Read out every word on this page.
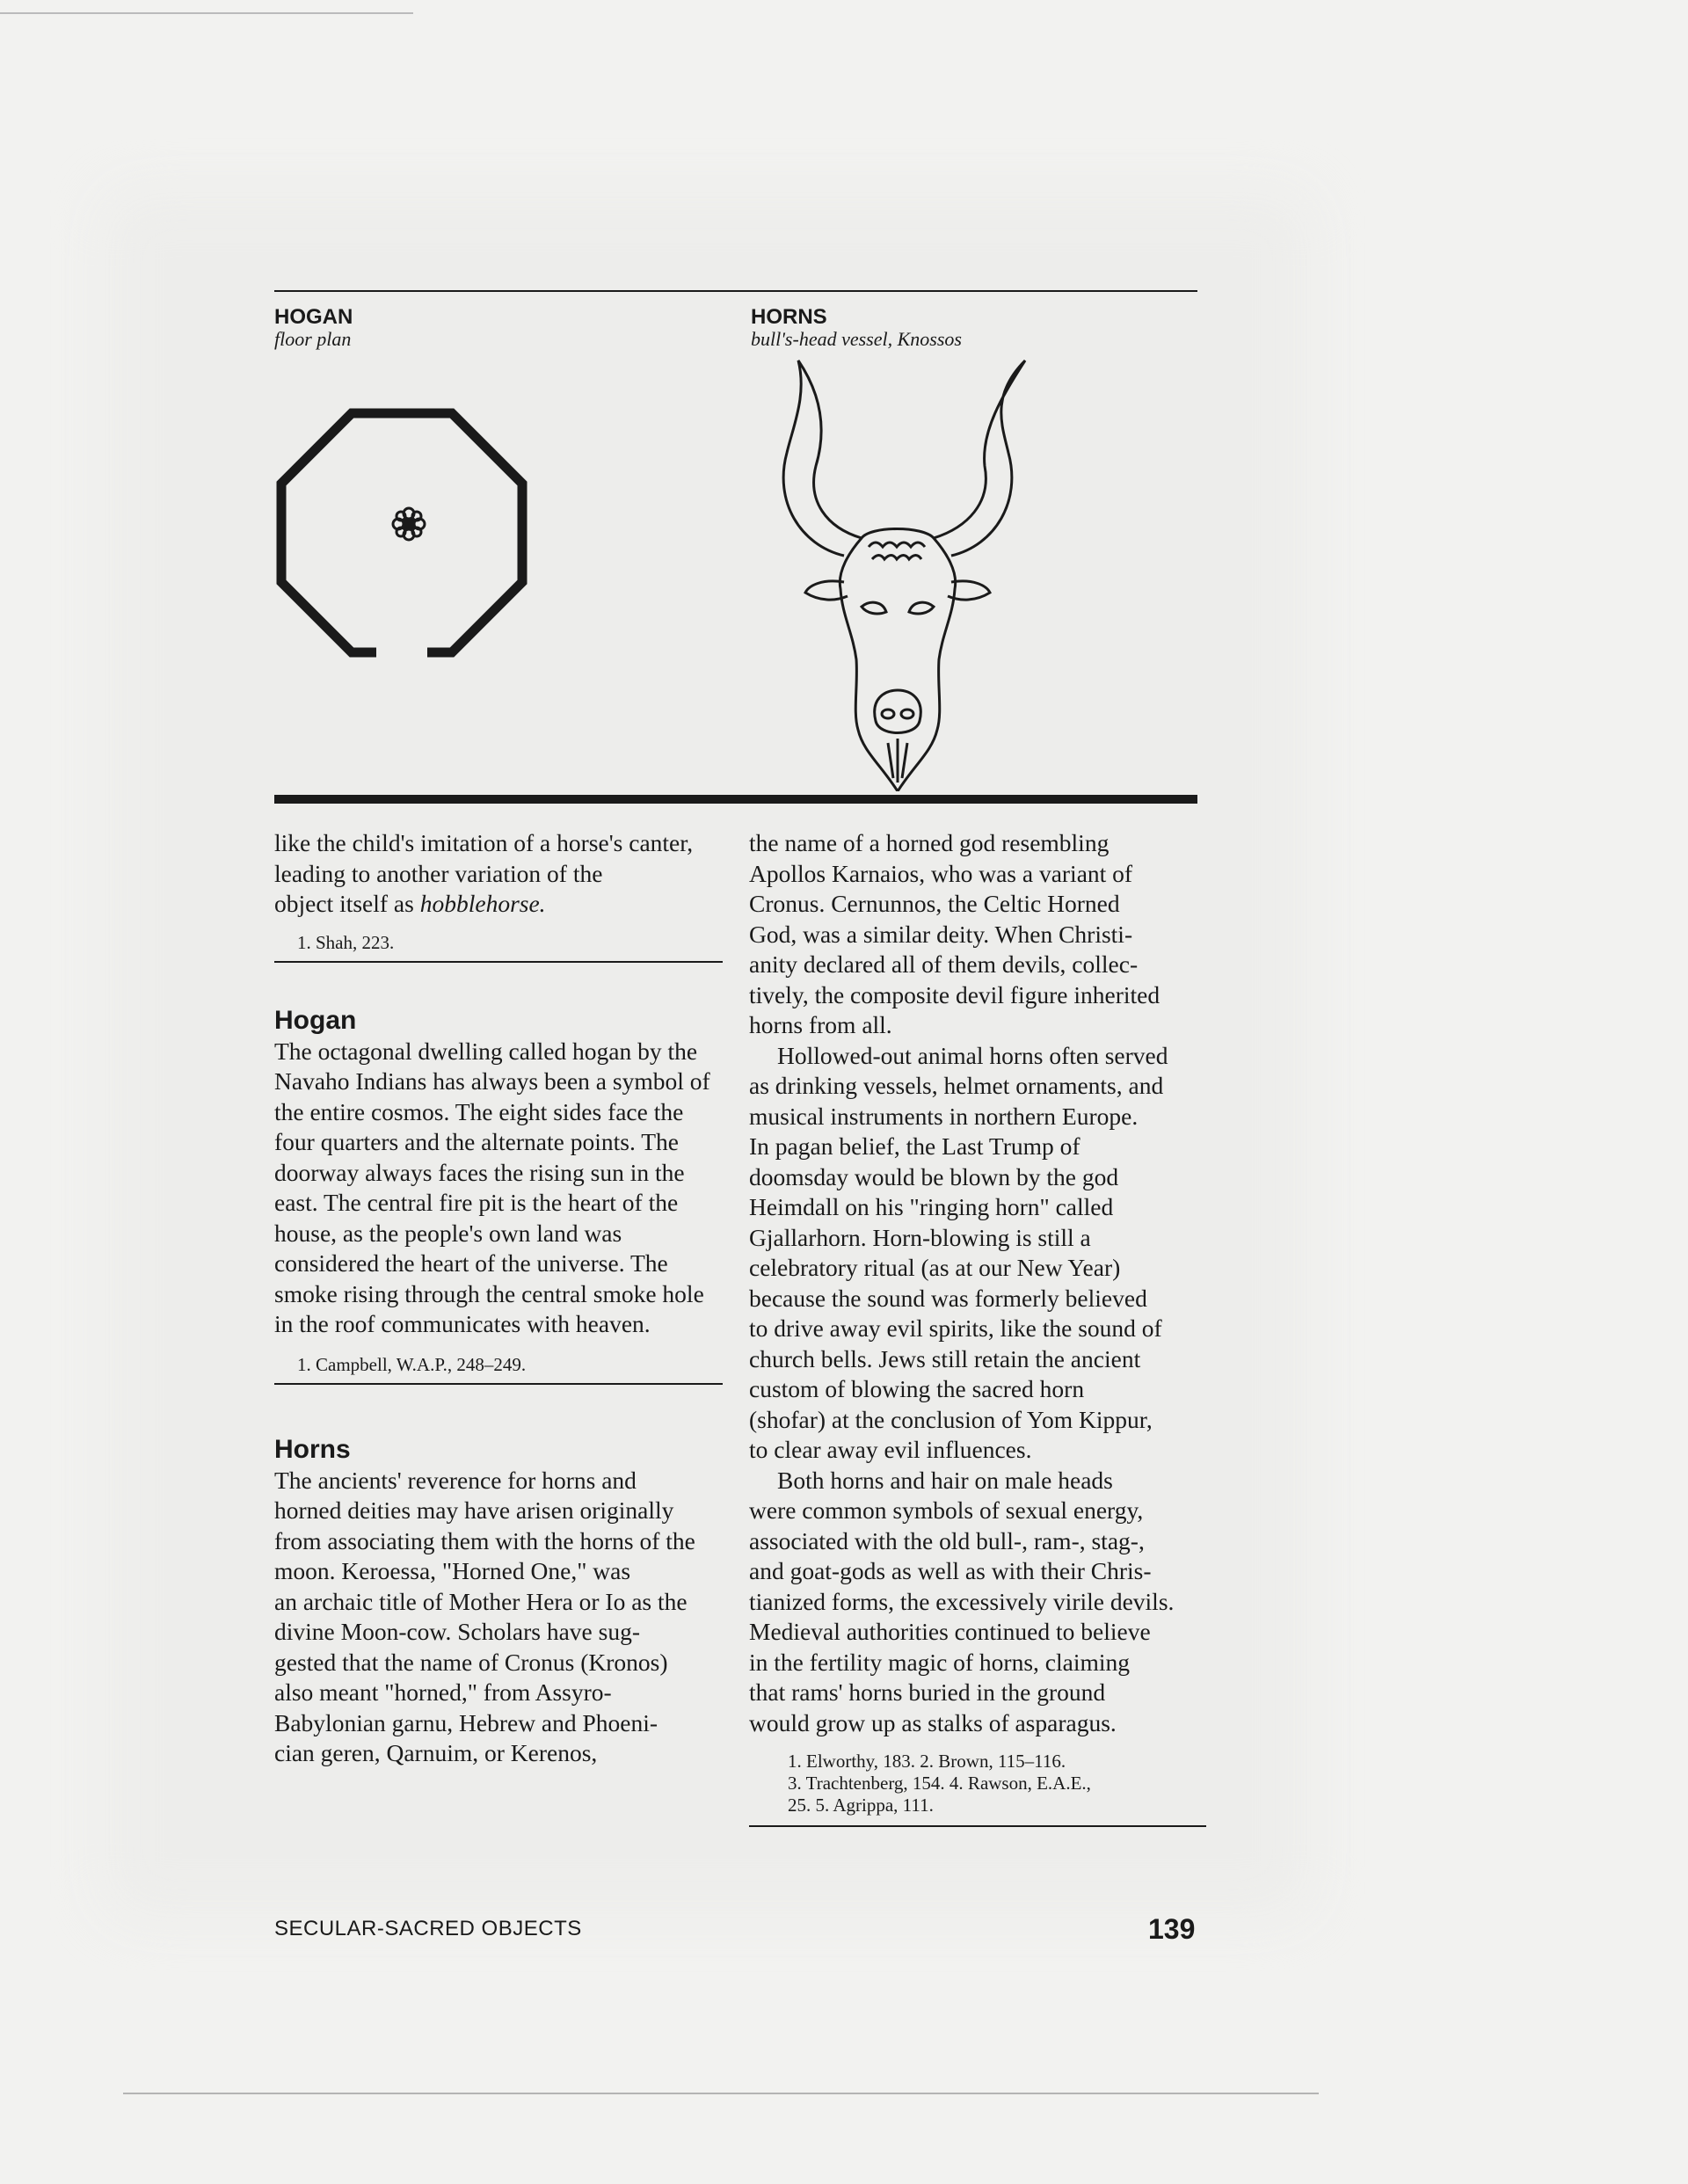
HOGAN
floor plan
HORNS
bull's-head vessel, Knossos

like the child's imitation of a horse's canter,

leading to another variation of the

object itself as hobblehorse.

1. Shah, 223.

Hogan

The octagonal dwelling called hogan by the Navaho Indians has always been a symbol of the entire cosmos. The eight sides face the four quarters and the alternate points. The doorway always faces the rising sun in the east. The central fire pit is the heart of the house, as the people's own land was considered the heart of the universe. The smoke rising through the central smoke hole in the roof communicates with heaven.

1. Campbell, W.A.P., 248–249.

Horns

The ancients' reverence for horns and

horned deities may have arisen originally

from associating them with the horns of the

moon. Keroessa, "Horned One," was

an archaic title of Mother Hera or Io as the

divine Moon-cow. Scholars have sug-

gested that the name of Cronus (Kronos)

also meant "horned," from Assyro-

Babylonian garnu, Hebrew and Phoeni-

cian geren, Qarnuim, or Kerenos,

the name of a horned god resembling

Apollos Karnaios, who was a variant of

Cronus. Cernunnos, the Celtic Horned

God, was a similar deity. When Christi-

anity declared all of them devils, collec-

tively, the composite devil figure inherited

horns from all.

Hollowed-out animal horns often served

as drinking vessels, helmet ornaments, and

musical instruments in northern Europe.

In pagan belief, the Last Trump of

doomsday would be blown by the god

Heimdall on his "ringing horn" called

Gjallarhorn. Horn-blowing is still a

celebratory ritual (as at our New Year)

because the sound was formerly believed

to drive away evil spirits, like the sound of

church bells. Jews still retain the ancient

custom of blowing the sacred horn

(shofar) at the conclusion of Yom Kippur,

to clear away evil influences.

Both horns and hair on male heads

were common symbols of sexual energy,

associated with the old bull-, ram-, stag-,

and goat-gods as well as with their Chris-

tianized forms, the excessively virile devils.

Medieval authorities continued to believe

in the fertility magic of horns, claiming

that rams' horns buried in the ground

would grow up as stalks of asparagus.

1. Elworthy, 183. 2. Brown, 115–116.

3. Trachtenberg, 154. 4. Rawson, E.A.E.,

25. 5. Agrippa, 111.

SECULAR-SACRED OBJECTS	139
